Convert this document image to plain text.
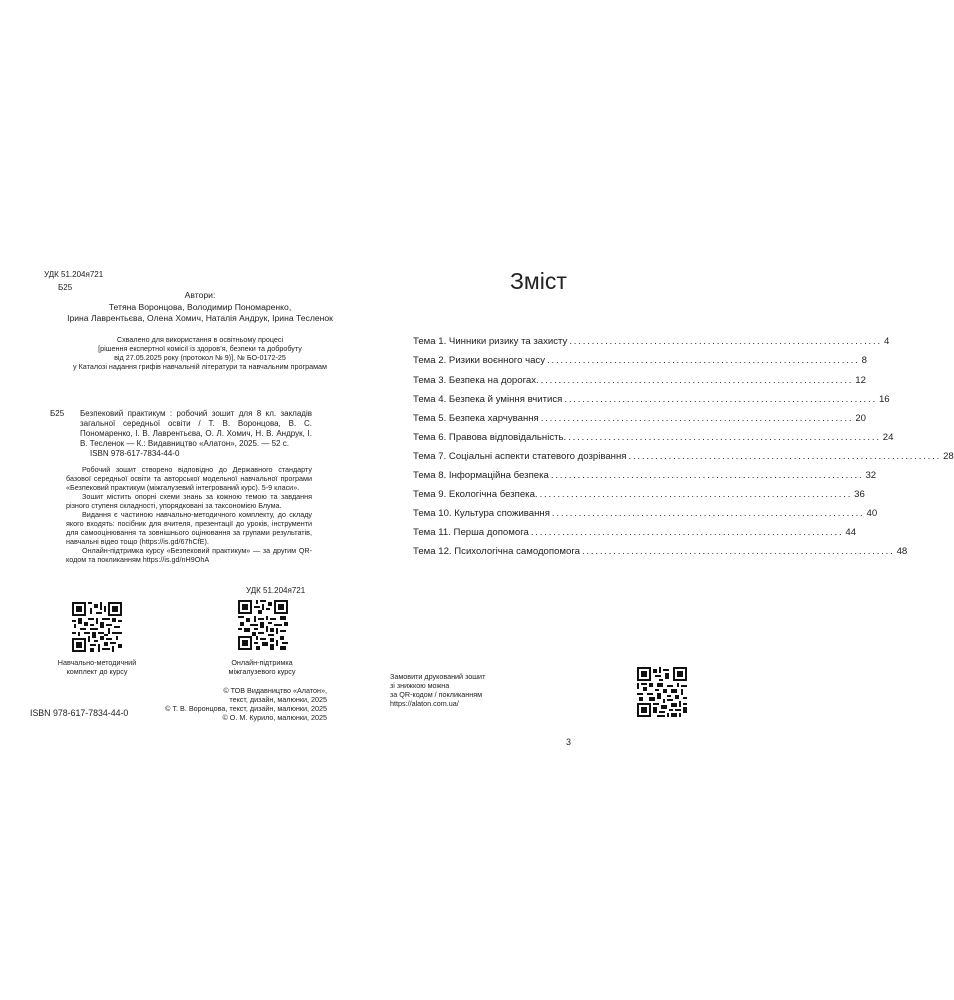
УДК 51.204я721
Б25
Автори:
Тетяна Воронцова, Володимир Пономаренко,
Ірина Лаврентьєва, Олена Хомич, Наталія Андрук, Ірина Тесленок
Схвалено для використання в освітньому процесі
[рішення експертної комісії із здоров’я, безпеки та добробуту
від 27.05.2025 року (протокол № 9)], № БО-0172-25
у Каталозі надання грифів навчальній літератури та навчальним програмам
Б25 Безпековий практикум : робочий зошит для 8 кл. закладів загальної середньої освіти / Т. В. Воронцова, В. С. Пономаренко, І. В. Лаврентьєва, О. Л. Хомич, Н. В. Андрук, І. В. Тесленок — К.: Видавництво «Алатон», 2025. — 52 с.
ISBN 978-617-7834-44-0
Робочий зошит створено відповідно до Державного стандарту базової середньої освіти та авторської модельної навчальної програми «Безпековий практикум (міжгалузевий інтегрований курс). 5-9 класи».
Зошит містить опорні схеми знань за кожною темою та завдання різного ступеня складності, упорядковані за таксономією Блума.
Видання є частиною навчально-методичного комплекту, до складу якого входять: посібник для вчителя, презентації до уроків, інструменти для самооцінювання та зовнішнього оцінювання за групами результатів, навчальні відео тощо (https://is.gd/67hCfE).
Онлайн-підтримка курсу «Безпековий практикум» — за другим QR-кодом та покликанням https://is.gd/nH9OhA
УДК 51.204я721
Навчально-методичний
комплект до курсу
Онлайн-підтримка
міжгалузевого курсу
ISBN 978-617-7834-44-0
© ТОВ Видавництво «Алатон»,
текст, дизайн, малюнки, 2025
© Т. В. Воронцова, текст, дизайн, малюнки, 2025
© О. М. Курило, малюнки, 2025
Зміст
Тема 1. Чинники ризику та захисту ...................................................................... 4
Тема 2. Ризики воєнного часу ...................................................................... 8
Тема 3. Безпека на дорогах. ...................................................................... 12
Тема 4. Безпека й уміння вчитися ...................................................................... 16
Тема 5. Безпека харчування ...................................................................... 20
Тема 6. Правова відповідальність. ...................................................................... 24
Тема 7. Соціальні аспекти статевого дозрівання ...................................................................... 28
Тема 8. Інформаційна безпека ...................................................................... 32
Тема 9. Екологічна безпека. ...................................................................... 36
Тема 10. Культура споживання ...................................................................... 40
Тема 11. Перша допомога ...................................................................... 44
Тема 12. Психологічна самодопомога ...................................................................... 48
Замовити друкований зошит
зі знижкою можна
за QR-кодом / покликанням
https://alaton.com.ua/
3
